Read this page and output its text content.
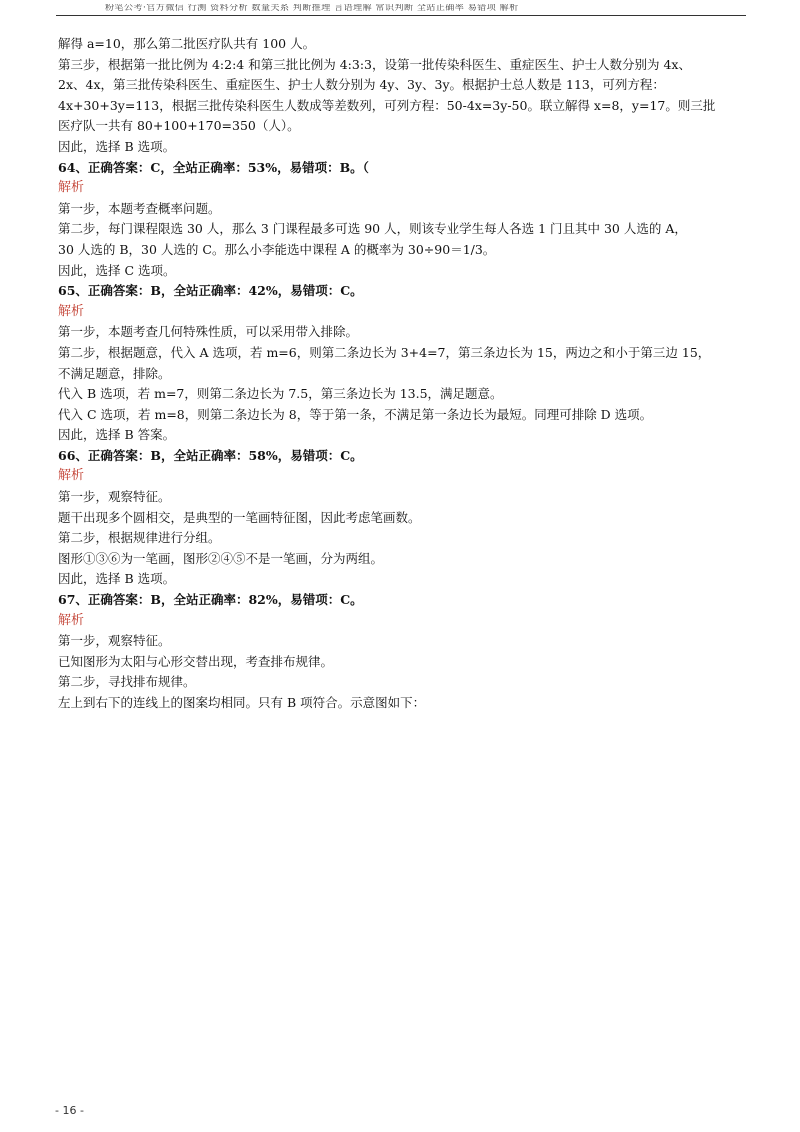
粉笔公考·官方微信 行测 资料分析 数量关系 判断推理 言语理解 常识判断 全站正确率 易错项 解析
解得 a=10，那么第二批医疗队共有 100 人。
第三步，根据第一批比例为 4:2:4 和第三批比例为 4:3:3，设第一批传染科医生、重症医生、护士人数分别为 4x、
2x、4x，第三批传染科医生、重症医生、护士人数分别为 4y、3y、3y。根据护士总人数是 113，可列方程：
4x+30+3y=113，根据三批传染科医生人数成等差数列，可列方程：50-4x=3y-50。联立解得 x=8，y=17。则三批
医疗队一共有 80+100+170=350（人）。
因此，选择 B 选项。
64、正确答案：C，全站正确率：53%，易错项：B。（
解析
第一步，本题考查概率问题。
第二步，每门课程限选 30 人，那么 3 门课程最多可选 90 人，则该专业学生每人各选 1 门且其中 30 人选的 A，
30 人选的 B，30 人选的 C。那么小李能选中课程 A 的概率为 30÷90＝1/3。
因此，选择 C 选项。
65、正确答案：B，全站正确率：42%，易错项：C。
解析
第一步，本题考查几何特殊性质，可以采用带入排除。
第二步，根据题意，代入 A 选项，若 m=6，则第二条边长为 3+4=7，第三条边长为 15，两边之和小于第三边 15，
不满足题意，排除。
代入 B 选项，若 m=7，则第二条边长为 7.5，第三条边长为 13.5，满足题意。
代入 C 选项，若 m=8，则第二条边长为 8，等于第一条，不满足第一条边长为最短。同理可排除 D 选项。
因此，选择 B 答案。
66、正确答案：B，全站正确率：58%，易错项：C。
解析
第一步，观察特征。
题干出现多个圆相交，是典型的一笔画特征图，因此考虑笔画数。
第二步，根据规律进行分组。
图形①③⑥为一笔画，图形②④⑤不是一笔画，分为两组。
因此，选择 B 选项。
67、正确答案：B，全站正确率：82%，易错项：C。
解析
第一步，观察特征。
已知图形为太阳与心形交替出现，考查排布规律。
第二步，寻找排布规律。
左上到右下的连线上的图案均相同。只有 B 项符合。示意图如下：
- 16 -
